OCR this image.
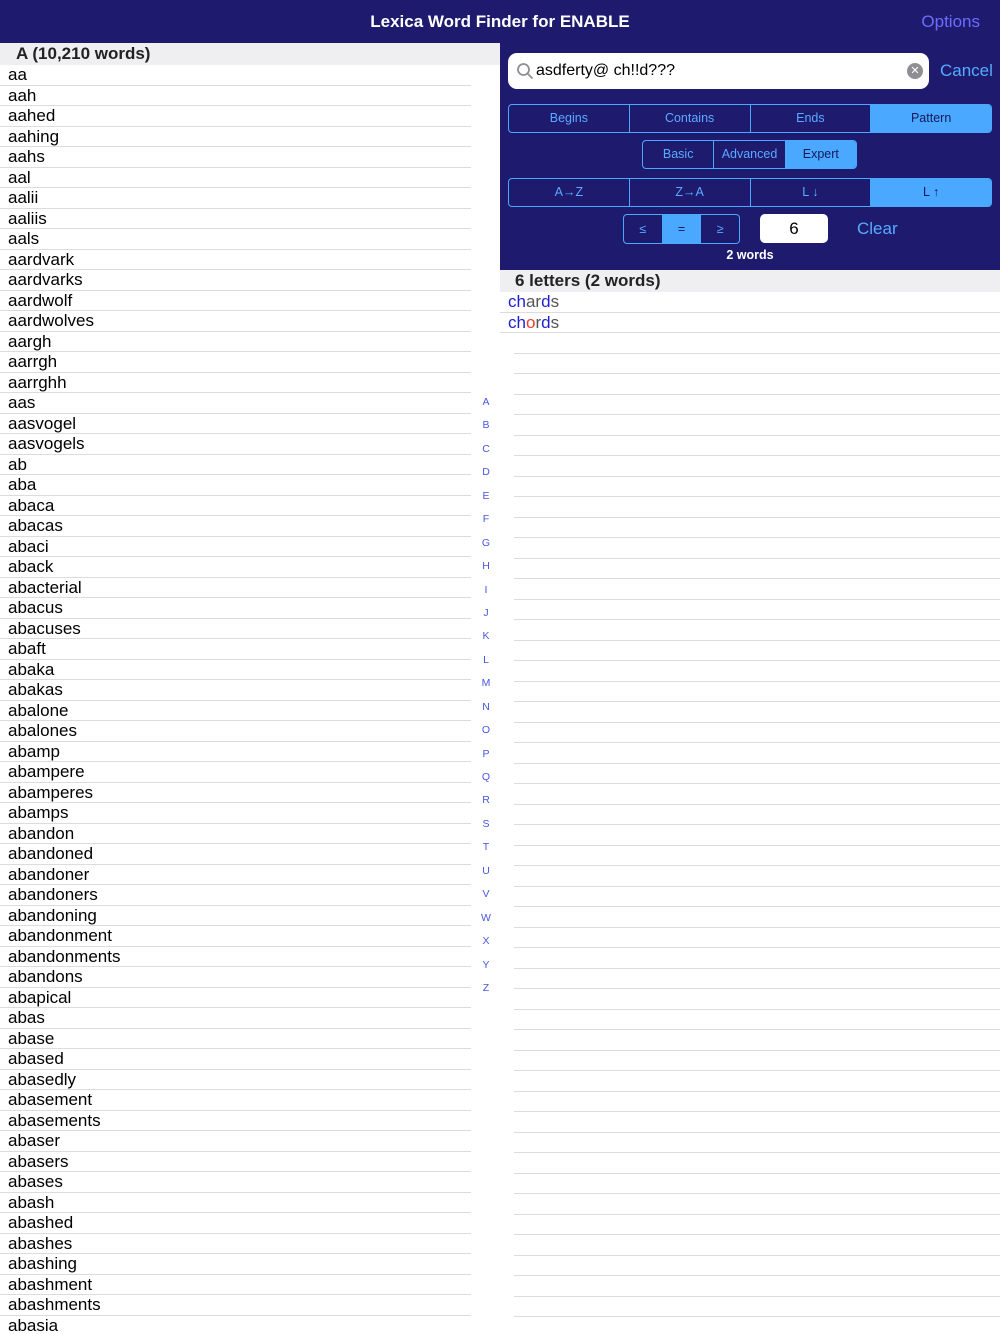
Lexica Word Finder for ENABLE	Options
A (10,210 words)
aa
aah
aahed
aahing
aahs
aal
aalii
aaliis
aals
aardvark
aardvarks
aardwolf
aardwolves
aargh
aarrgh
aarrghh
aas
aasvogel
aasvogels
ab
aba
abaca
abacas
abaci
aback
abacterial
abacus
abacuses
abaft
abaka
abakas
abalone
abalones
abamp
abampere
abamperes
abamps
abandon
abandoned
abandoner
abandoners
abandoning
abandonment
abandonments
abandons
abapical
abas
abase
abased
abasedly
abasement
abasements
abaser
abasers
abases
abash
abashed
abashes
abashing
abashment
abashments
abasia
A
B
C
D
E
F
G
H
I
J
K
L
M
N
O
P
Q
R
S
T
U
V
W
X
Y
Z
asdferty@ ch!!d???
✕ Cancel
Begins	Contains	Ends	Pattern
Basic	Advanced	Expert
A→Z	Z→A	L ↓	L ↑
≤	=	≥	6	Clear
2 words
6 letters (2 words)
chards
chords
